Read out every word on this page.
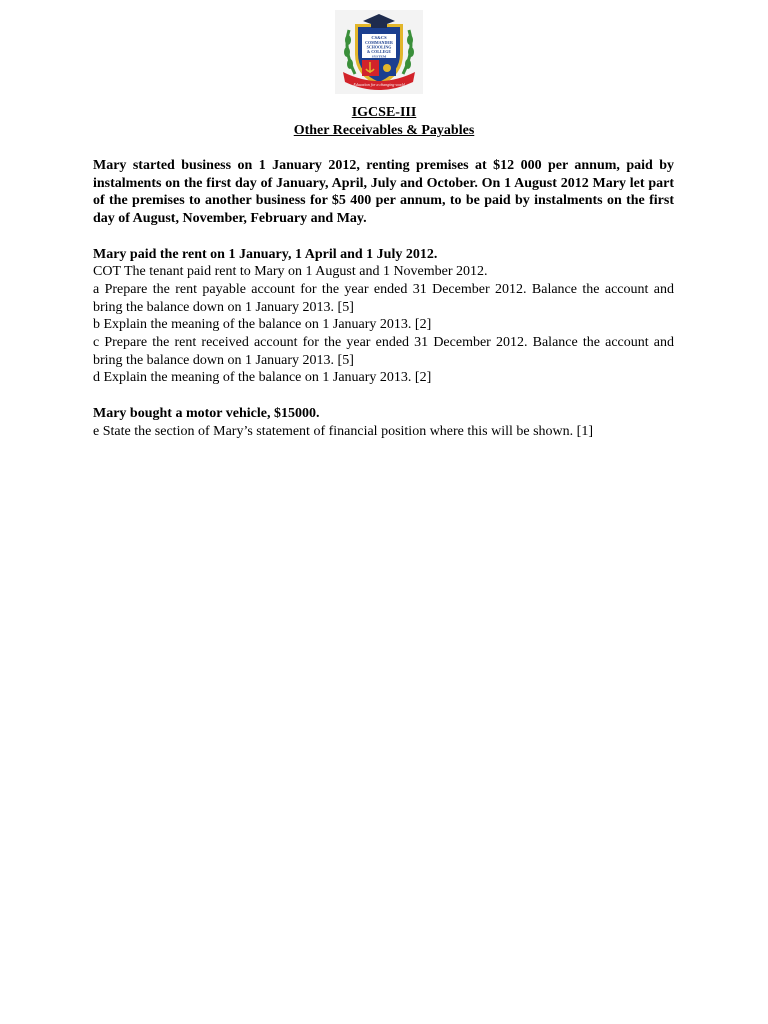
CS&CS
COMMANDER
SCHOOLING
& COLLEGE
SYSTEM
Education for a changing world
IGCSE-III
Other Receivables & Payables

Mary started business on 1 January 2012, renting premises at $12 000 per annum, paid by instalments on the first day of January, April, July and October. On 1 August 2012 Mary let part of the premises to another business for $5 400 per annum, to be paid by instalments on the first day of August, November, February and May.

Mary paid the rent on 1 January, 1 April and 1 July 2012.

COT The tenant paid rent to Mary on 1 August and 1 November 2012.

a Prepare the rent payable account for the year ended 31 December 2012. Balance the account and bring the balance down on 1 January 2013. [5]

b Explain the meaning of the balance on 1 January 2013. [2]

c Prepare the rent received account for the year ended 31 December 2012. Balance the account and bring the balance down on 1 January 2013. [5]

d Explain the meaning of the balance on 1 January 2013. [2]

Mary bought a motor vehicle, $15000.

e State the section of Mary’s statement of financial position where this will be shown. [1]
